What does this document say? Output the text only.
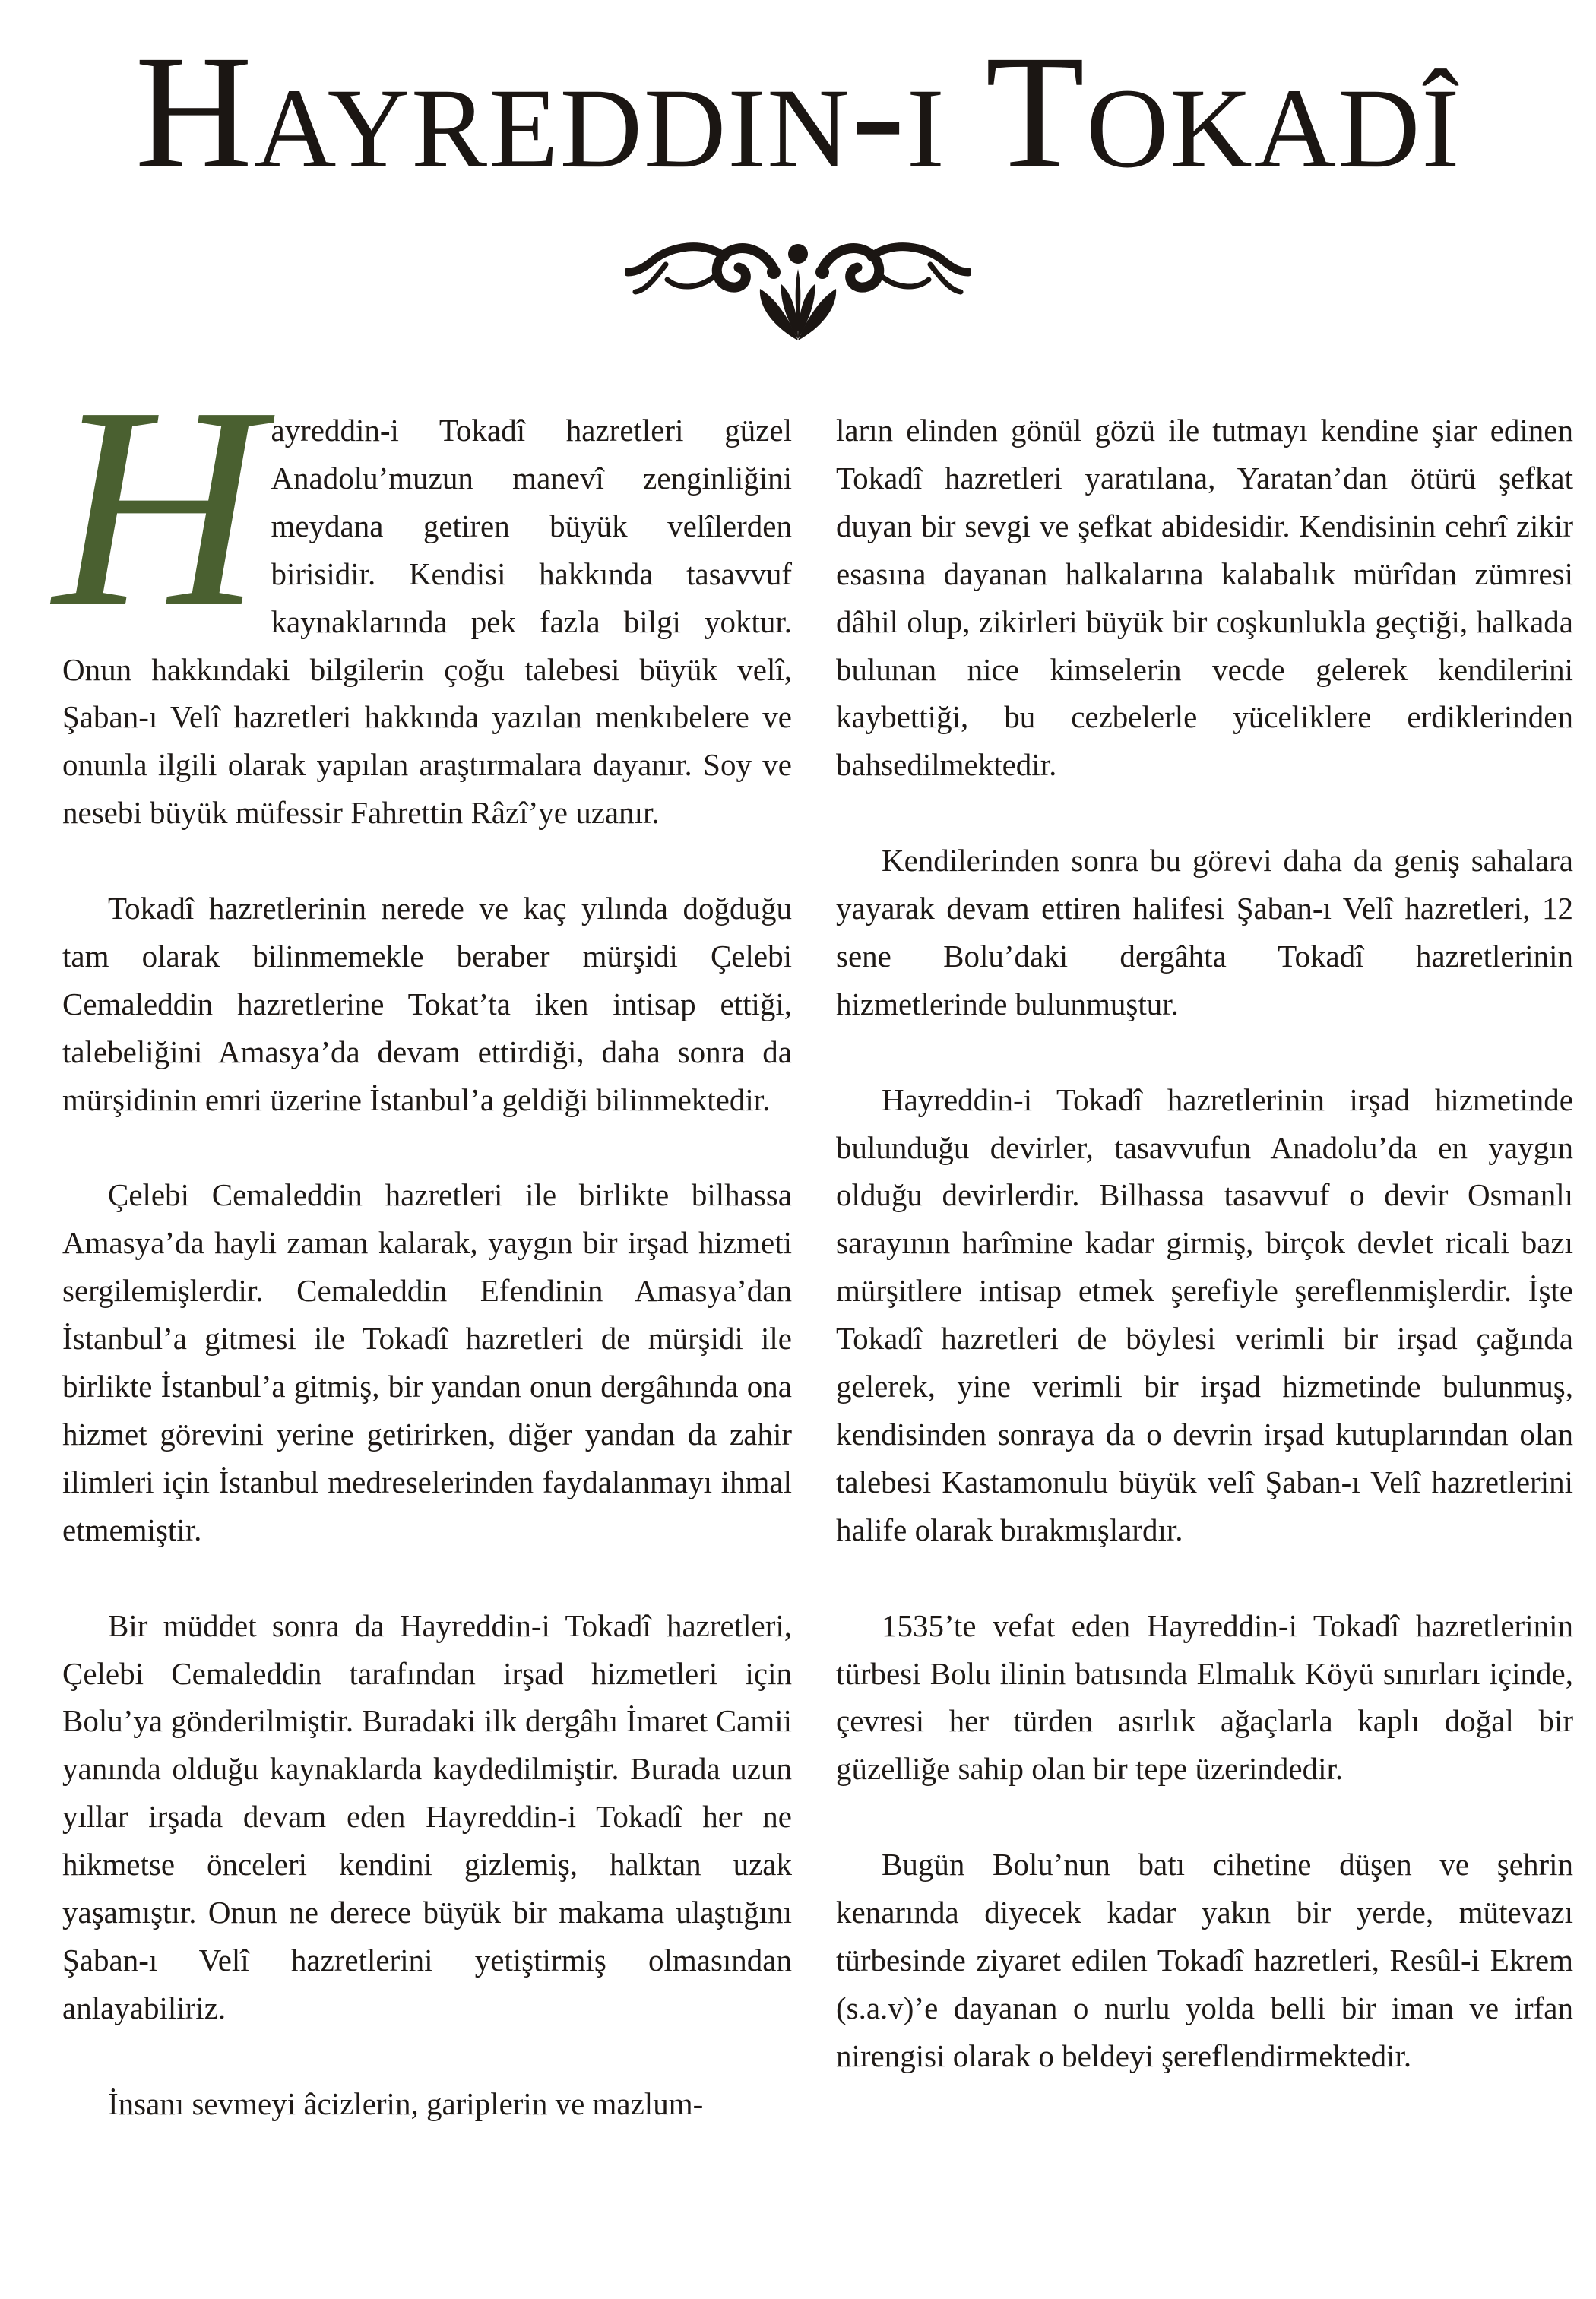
Hayreddin-i Tokadî

Hayreddin-i Tokadî hazretleri güzel Anadolu’muzun manevî zenginliğini meydana getiren büyük velîlerden birisidir. Kendisi hakkında tasavvuf kaynaklarında pek fazla bilgi yoktur. Onun hakkındaki bilgilerin çoğu talebesi büyük velî, Şaban-ı Velî hazretleri hakkında yazılan menkıbelere ve onunla ilgili olarak yapılan araştırmalara dayanır. Soy ve nesebi büyük müfessir Fahrettin Râzî’ye uzanır.

Tokadî hazretlerinin nerede ve kaç yılında doğduğu tam olarak bilinmemekle beraber mürşidi Çelebi Cemaleddin hazretlerine Tokat’ta iken intisap ettiği, talebeliğini Amasya’da devam ettirdiği, daha sonra da mürşidinin emri üzerine İstanbul’a geldiği bilinmektedir.

Çelebi Cemaleddin hazretleri ile birlikte bilhassa Amasya’da hayli zaman kalarak, yaygın bir irşad hizmeti sergilemişlerdir. Cemaleddin Efendinin Amasya’dan İstanbul’a gitmesi ile Tokadî hazretleri de mürşidi ile birlikte İstanbul’a gitmiş, bir yandan onun dergâhında ona hizmet görevini yerine getirirken, diğer yandan da zahir ilimleri için İstanbul medreselerinden faydalanmayı ihmal etmemiştir.

Bir müddet sonra da Hayreddin-i Tokadî hazretleri, Çelebi Cemaleddin tarafından irşad hizmetleri için Bolu’ya gönderilmiştir. Buradaki ilk dergâhı İmaret Camii yanında olduğu kaynaklarda kaydedilmiştir. Burada uzun yıllar irşada devam eden Hayreddin-i Tokadî her ne hikmetse önceleri kendini gizlemiş, halktan uzak yaşamıştır. Onun ne derece büyük bir makama ulaştığını Şaban-ı Velî hazretlerini yetiştirmiş olmasından anlayabiliriz.

İnsanı sevmeyi âcizlerin, gariplerin ve mazlum-

ların elinden gönül gözü ile tutmayı kendine şiar edinen Tokadî hazretleri yaratılana, Yaratan’dan ötürü şefkat duyan bir sevgi ve şefkat abidesidir. Kendisinin cehrî zikir esasına dayanan halkalarına kalabalık mürîdan zümresi dâhil olup, zikirleri büyük bir coşkunlukla geçtiği, halkada bulunan nice kimselerin vecde gelerek kendilerini kaybettiği, bu cezbelerle yüceliklere erdiklerinden bahsedilmektedir.

Kendilerinden sonra bu görevi daha da geniş sahalara yayarak devam ettiren halifesi Şaban-ı Velî hazretleri, 12 sene Bolu’daki dergâhta Tokadî hazretlerinin hizmetlerinde bulunmuştur.

Hayreddin-i Tokadî hazretlerinin irşad hizmetinde bulunduğu devirler, tasavvufun Anadolu’da en yaygın olduğu devirlerdir. Bilhassa tasavvuf o devir Osmanlı sarayının harîmine kadar girmiş, birçok devlet ricali bazı mürşitlere intisap etmek şerefiyle şereflenmişlerdir. İşte Tokadî hazretleri de böylesi verimli bir irşad çağında gelerek, yine verimli bir irşad hizmetinde bulunmuş, kendisinden sonraya da o devrin irşad kutuplarından olan talebesi Kastamonulu büyük velî Şaban-ı Velî hazretlerini halife olarak bırakmışlardır.

1535’te vefat eden Hayreddin-i Tokadî hazretlerinin türbesi Bolu ilinin batısında Elmalık Köyü sınırları içinde, çevresi her türden asırlık ağaçlarla kaplı doğal bir güzelliğe sahip olan bir tepe üzerindedir.

Bugün Bolu’nun batı cihetine düşen ve şehrin kenarında diyecek kadar yakın bir yerde, mütevazı türbesinde ziyaret edilen Tokadî hazretleri, Resûl-i Ekrem (s.a.v)’e dayanan o nurlu yolda belli bir iman ve irfan nirengisi olarak o beldeyi şereflendirmektedir.
